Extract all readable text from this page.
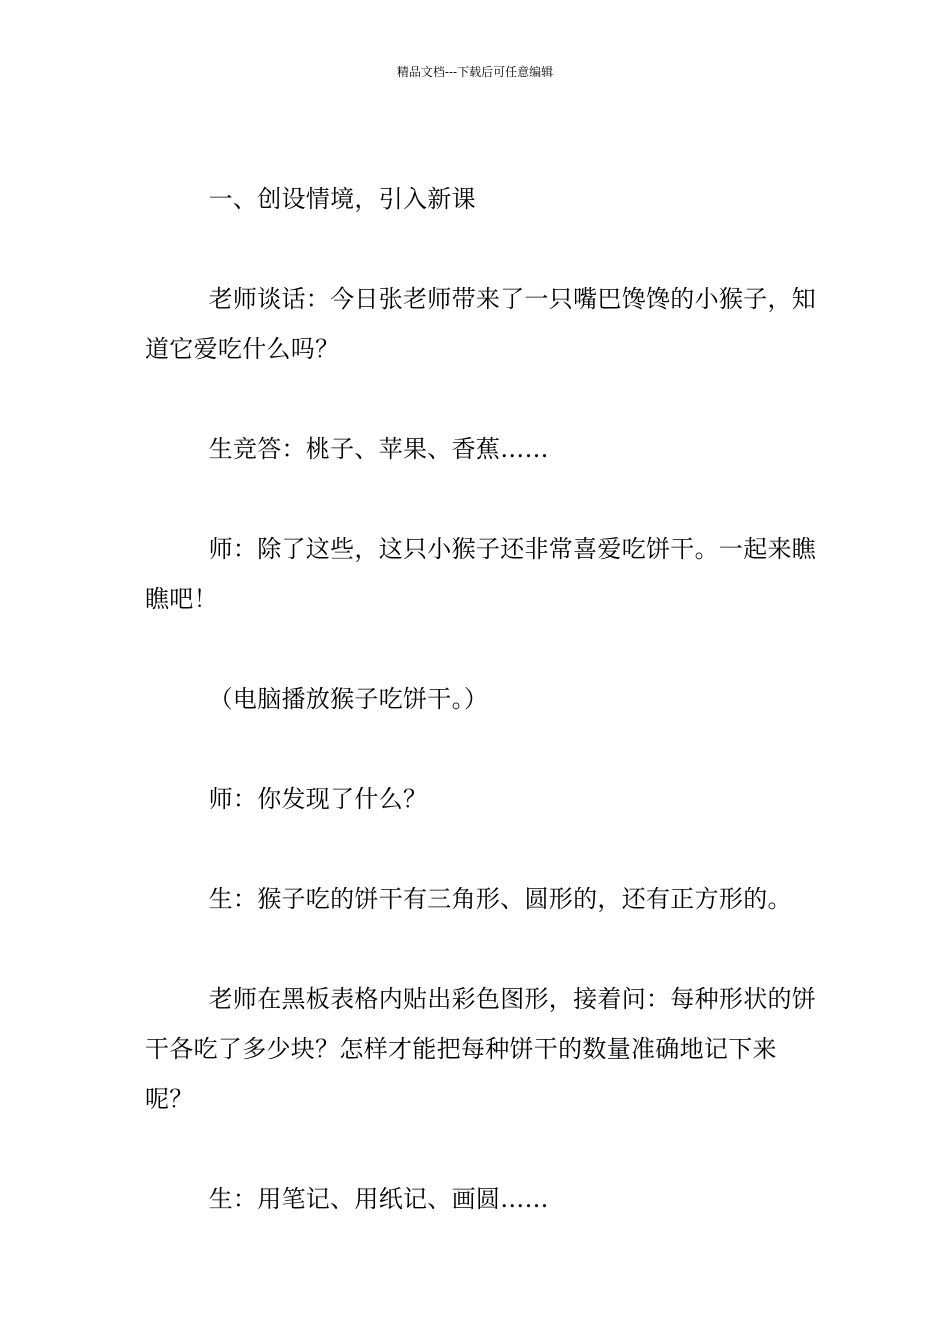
精品文档---下载后可任意编辑

一、创设情境，引入新课

老师谈话：今日张老师带来了一只嘴巴馋馋的小猴子，知道它爱吃什么吗？

生竞答：桃子、苹果、香蕉……

师：除了这些，这只小猴子还非常喜爱吃饼干。一起来瞧瞧吧！

（电脑播放猴子吃饼干。）

师：你发现了什么？

生：猴子吃的饼干有三角形、圆形的，还有正方形的。

老师在黑板表格内贴出彩色图形，接着问：每种形状的饼干各吃了多少块？怎样才能把每种饼干的数量准确地记下来呢？

生：用笔记、用纸记、画圆……
